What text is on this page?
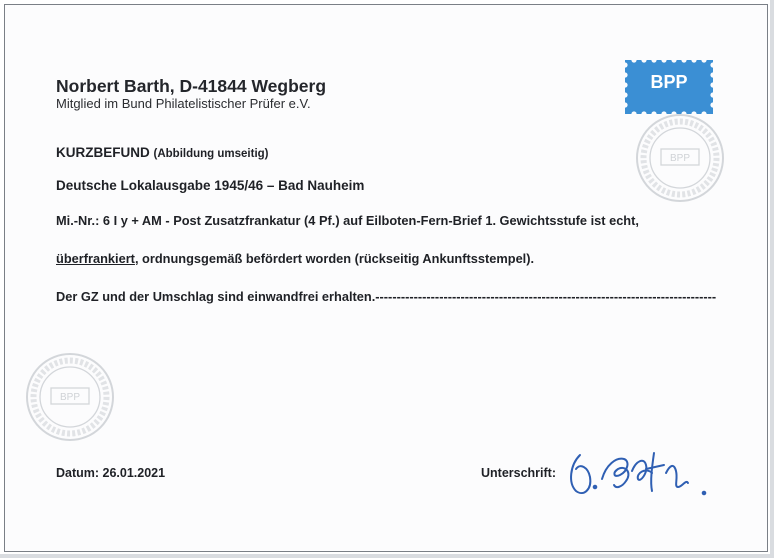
Norbert Barth, D-41844 Wegberg
Mitglied im Bund Philatelistischer Prüfer e.V.
BPP
BPP
BPP
KURZBEFUND (Abbildung umseitig)
Deutsche Lokalausgabe 1945/46 – Bad Nauheim
Mi.-Nr.: 6 I y + AM - Post Zusatzfrankatur (4 Pf.) auf Eilboten-Fern-Brief 1. Gewichtsstufe ist echt,
überfrankiert, ordnungsgemäß befördert worden (rückseitig Ankunftsstempel).
Der GZ und der Umschlag sind einwandfrei erhalten.--------------------------------------------------------------------------------
Datum: 26.01.2021	Unterschrift:
